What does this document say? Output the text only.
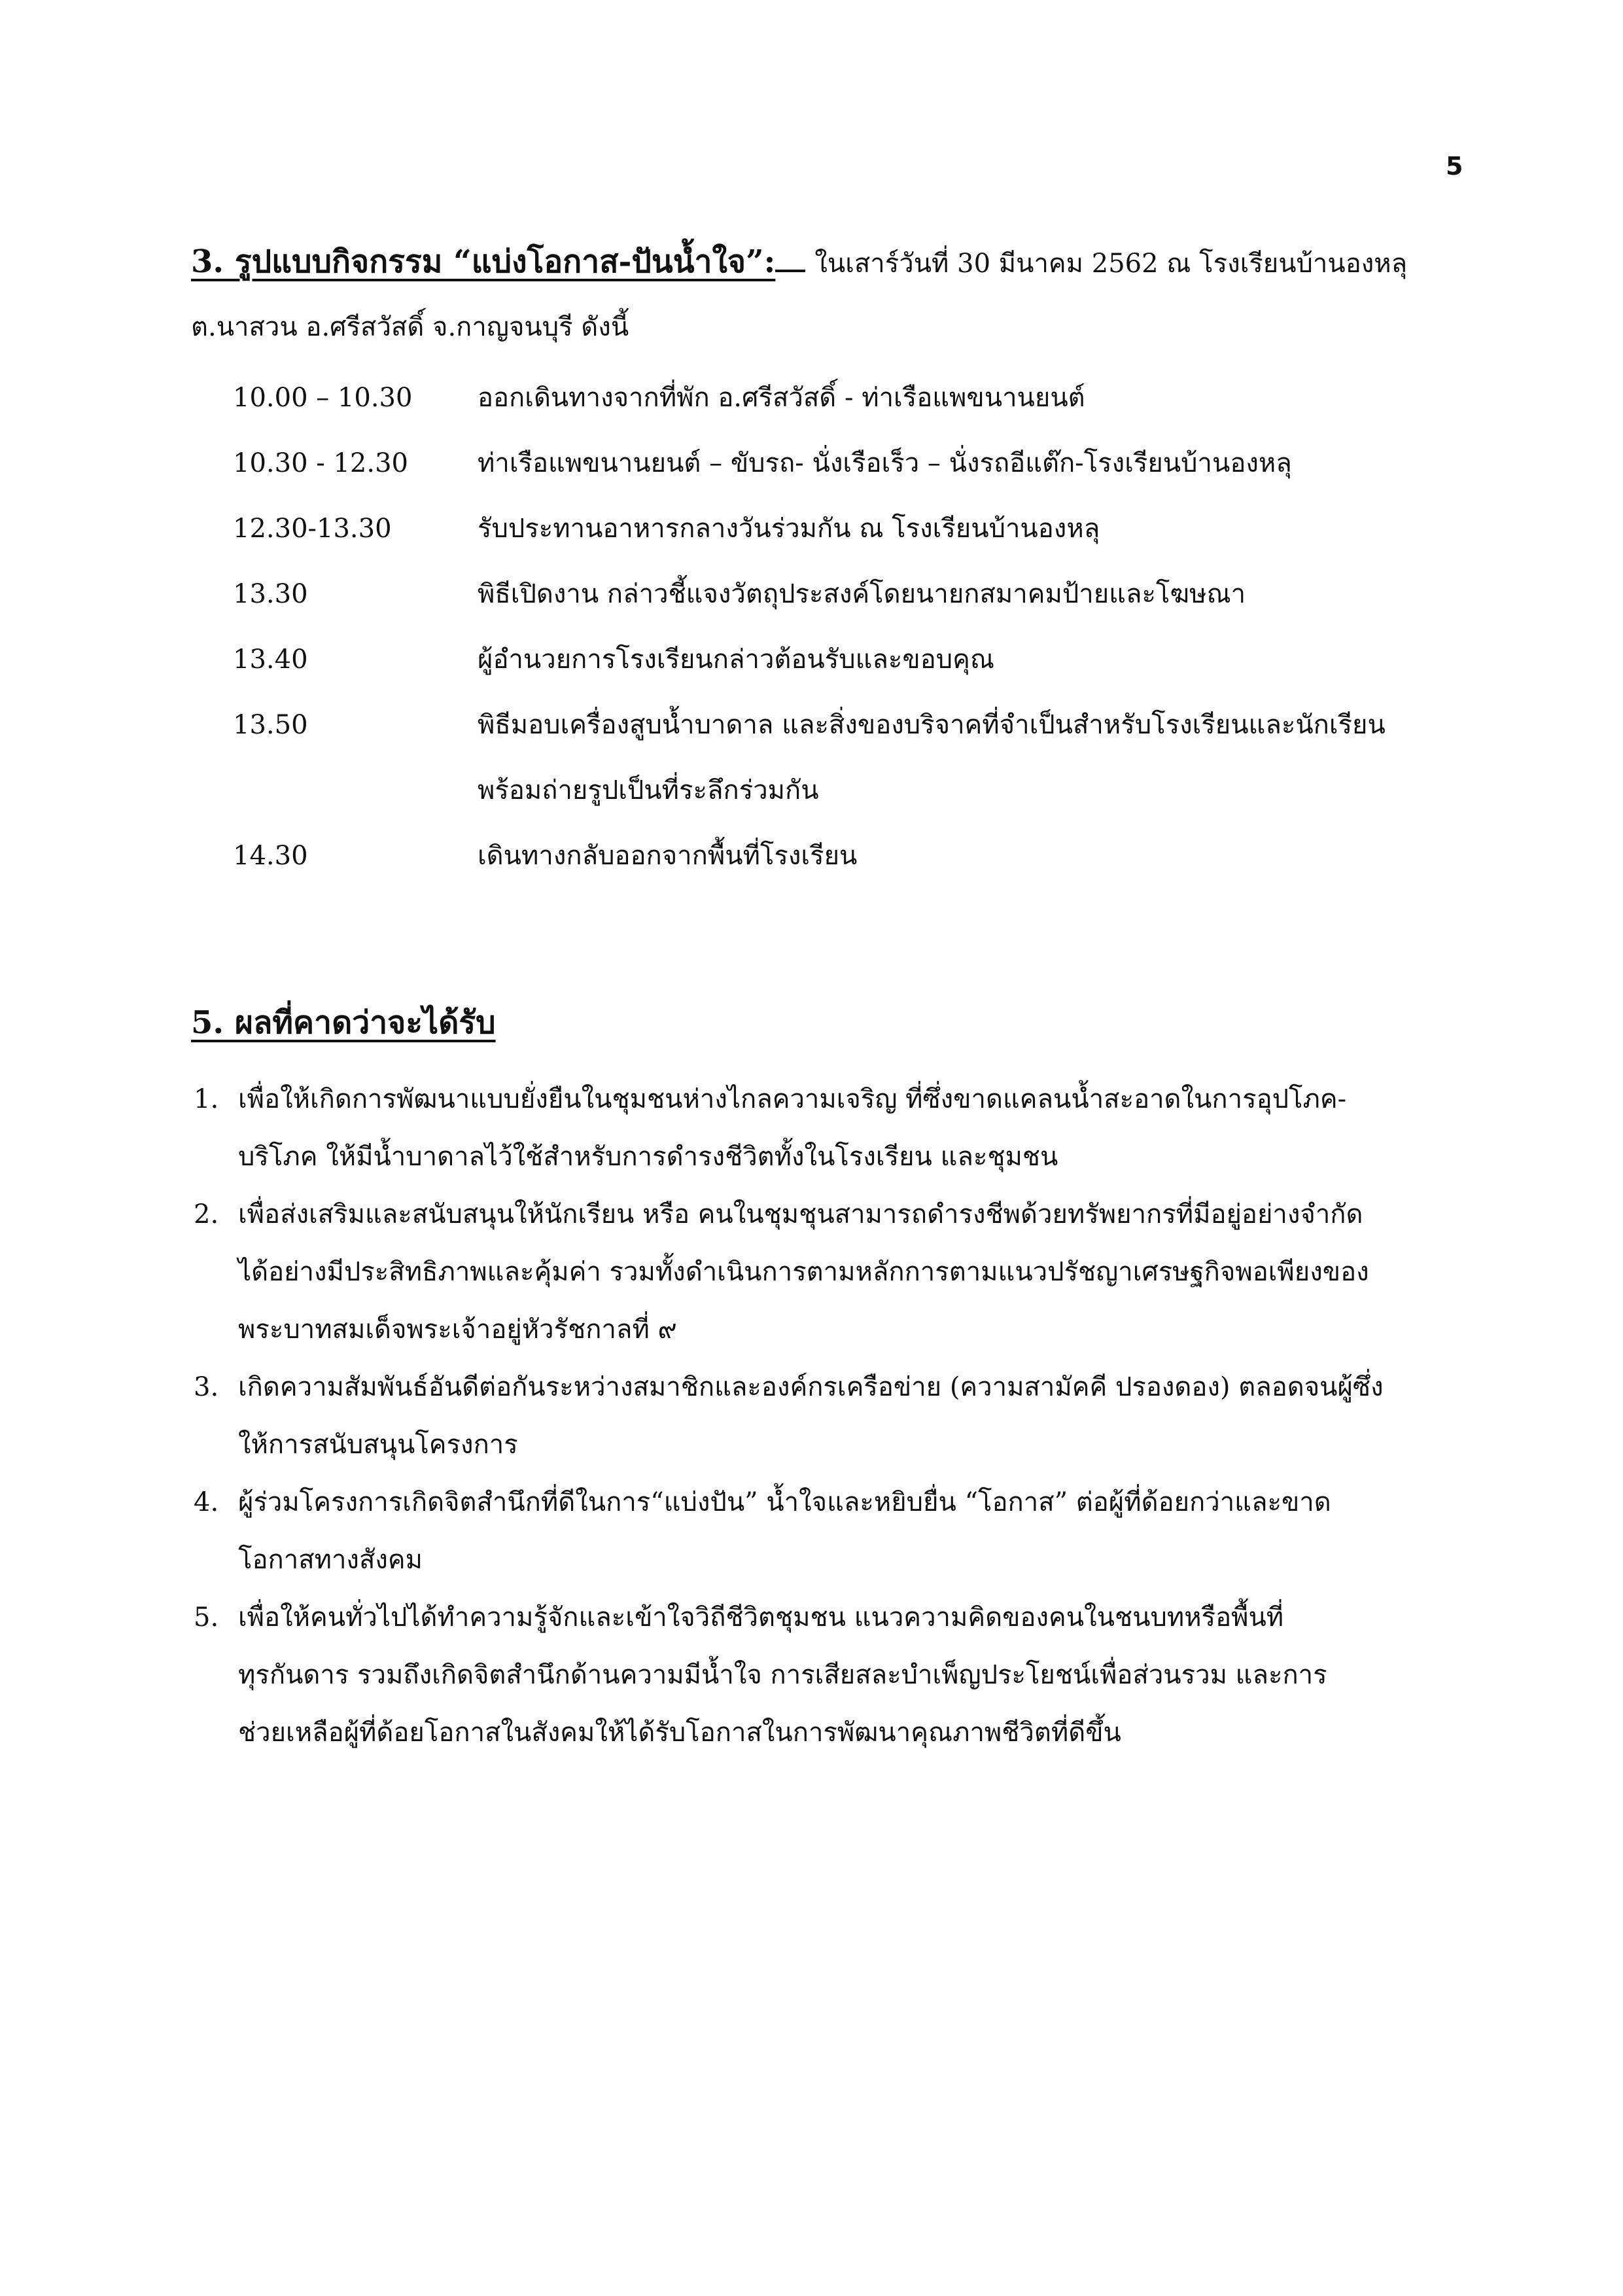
5
3. รูปแบบกิจกรรม “แบ่งโอกาส-ปันน้ำใจ”: ในเสาร์วันที่ 30 มีนาคม 2562 ณ โรงเรียนบ้านองหลุ
ต.นาสวน อ.ศรีสวัสดิ์ จ.กาญจนบุรี ดังนี้
10.00 – 10.30 ออกเดินทางจากที่พัก อ.ศรีสวัสดิ์ - ท่าเรือแพขนานยนต์
10.30 - 12.30	ท่าเรือแพขนานยนต์ – ขับรถ- นั่งเรือเร็ว – นั่งรถอีแต๊ก-โรงเรียนบ้านองหลุ
12.30-13.30	รับประทานอาหารกลางวันร่วมกัน ณ โรงเรียนบ้านองหลุ
13.30	พิธีเปิดงาน กล่าวชี้แจงวัตถุประสงค์โดยนายกสมาคมป้ายและโฆษณา
13.40	ผู้อำนวยการโรงเรียนกล่าวต้อนรับและขอบคุณ
13.50	พิธีมอบเครื่องสูบน้ำบาดาล และสิ่งของบริจาคที่จำเป็นสำหรับโรงเรียนและนักเรียน
พร้อมถ่ายรูปเป็นที่ระลึกร่วมกัน
14.30	เดินทางกลับออกจากพื้นที่โรงเรียน
5. ผลที่คาดว่าจะได้รับ
1. เพื่อให้เกิดการพัฒนาแบบยั่งยืนในชุมชนห่างไกลความเจริญ ที่ซึ่งขาดแคลนน้ำสะอาดในการอุปโภค-
บริโภค ให้มีน้ำบาดาลไว้ใช้สำหรับการดำรงชีวิตทั้งในโรงเรียน และชุมชน
2. เพื่อส่งเสริมและสนับสนุนให้นักเรียน หรือ คนในชุมชุนสามารถดำรงชีพด้วยทรัพยากรที่มีอยู่อย่างจำกัด
ได้อย่างมีประสิทธิภาพและคุ้มค่า รวมทั้งดำเนินการตามหลักการตามแนวปรัชญาเศรษฐกิจพอเพียงของ
พระบาทสมเด็จพระเจ้าอยู่หัวรัชกาลที่ ๙
3. เกิดความสัมพันธ์อันดีต่อกันระหว่างสมาชิกและองค์กรเครือข่าย (ความสามัคคี ปรองดอง) ตลอดจนผู้ซึ่ง
ให้การสนับสนุนโครงการ
4. ผู้ร่วมโครงการเกิดจิตสำนึกที่ดีในการ“แบ่งปัน” น้ำใจและหยิบยื่น “โอกาส” ต่อผู้ที่ด้อยกว่าและขาด
โอกาสทางสังคม
5. เพื่อให้คนทั่วไปได้ทำความรู้จักและเข้าใจวิถีชีวิตชุมชน แนวความคิดของคนในชนบทหรือพื้นที่
ทุรกันดาร รวมถึงเกิดจิตสำนึกด้านความมีน้ำใจ การเสียสละบำเพ็ญประโยชน์เพื่อส่วนรวม และการ
ช่วยเหลือผู้ที่ด้อยโอกาสในสังคมให้ได้รับโอกาสในการพัฒนาคุณภาพชีวิตที่ดีขึ้น
